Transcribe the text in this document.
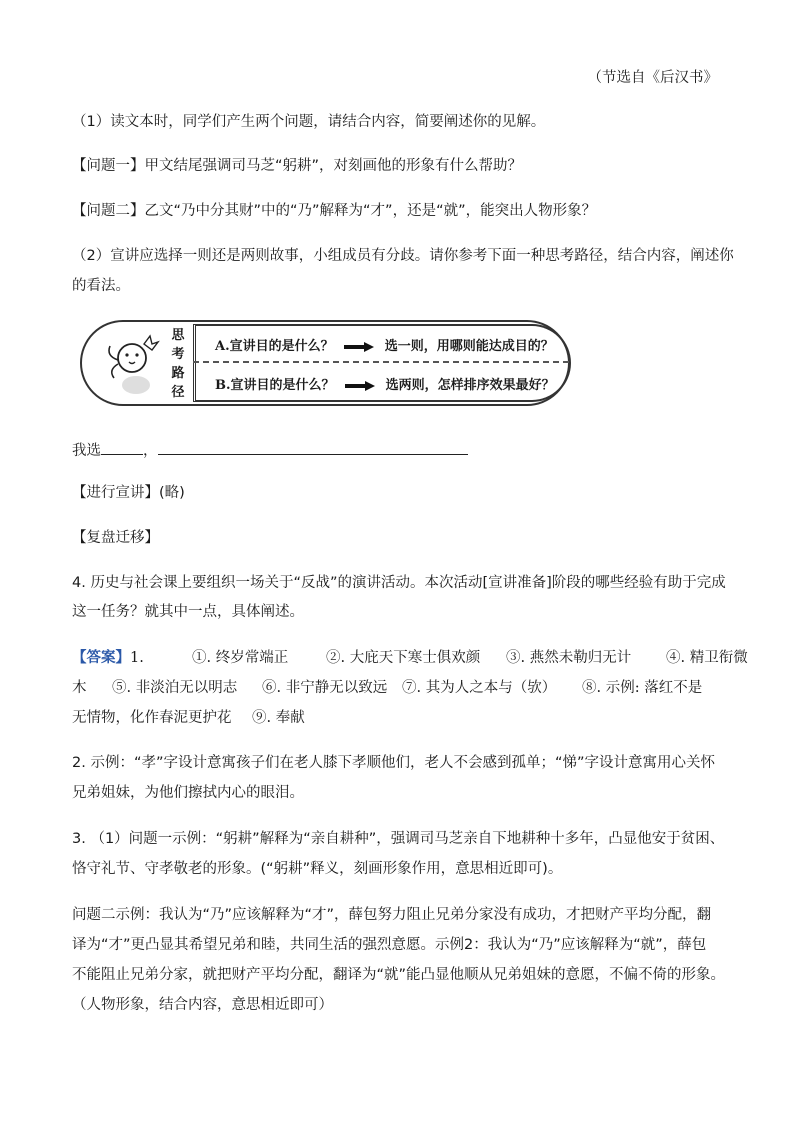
（节选自《后汉书》
（1）读文本时，同学们产生两个问题，请结合内容，简要阐述你的见解。
【问题一】甲文结尾强调司马芝“躬耕”，对刻画他的形象有什么帮助？
【问题二】乙文“乃中分其财”中的“乃”解释为“才”，还是“就”，能突出人物形象？
（2）宣讲应选择一则还是两则故事，小组成员有分歧。请你参考下面一种思考路径，结合内容，阐述你
的看法。
思
考
路
径
A.宣讲目的是什么？	选一则，用哪则能达成目的？
B.宣讲目的是什么？	选两则，怎样排序效果最好？
我选	，
【进行宣讲】(略)
【复盘迁移】
4. 历史与社会课上要组织一场关于“反战”的演讲活动。本次活动[宣讲准备]阶段的哪些经验有助于完成
这一任务？就其中一点，具体阐述。
【答案】1.	①. 终岁常端正	②. 大庇天下寒士俱欢颜 ③. 燕然未勒归无计 ④. 精卫衔微
木 ⑤. 非淡泊无以明志 ⑥. 非宁静无以致远 ⑦. 其为人之本与（欤） ⑧. 示例: 落红不是
无情物，化作春泥更护花 ⑨. 奉献
2. 示例：“孝”字设计意寓孩子们在老人膝下孝顺他们，老人不会感到孤单；“悌”字设计意寓用心关怀
兄弟姐妹，为他们擦拭内心的眼泪。
3. （1）问题一示例：“躬耕”解释为“亲自耕种”，强调司马芝亲自下地耕种十多年，凸显他安于贫困、
恪守礼节、守孝敬老的形象。(“躬耕”释义，刻画形象作用，意思相近即可)。
问题二示例：我认为“乃”应该解释为“才”，薛包努力阻止兄弟分家没有成功，才把财产平均分配，翻
译为“才”更凸显其希望兄弟和睦，共同生活的强烈意愿。示例2：我认为“乃”应该解释为“就”，薛包
不能阻止兄弟分家，就把财产平均分配，翻译为“就”能凸显他顺从兄弟姐妹的意愿，不偏不倚的形象。
（人物形象，结合内容，意思相近即可）
